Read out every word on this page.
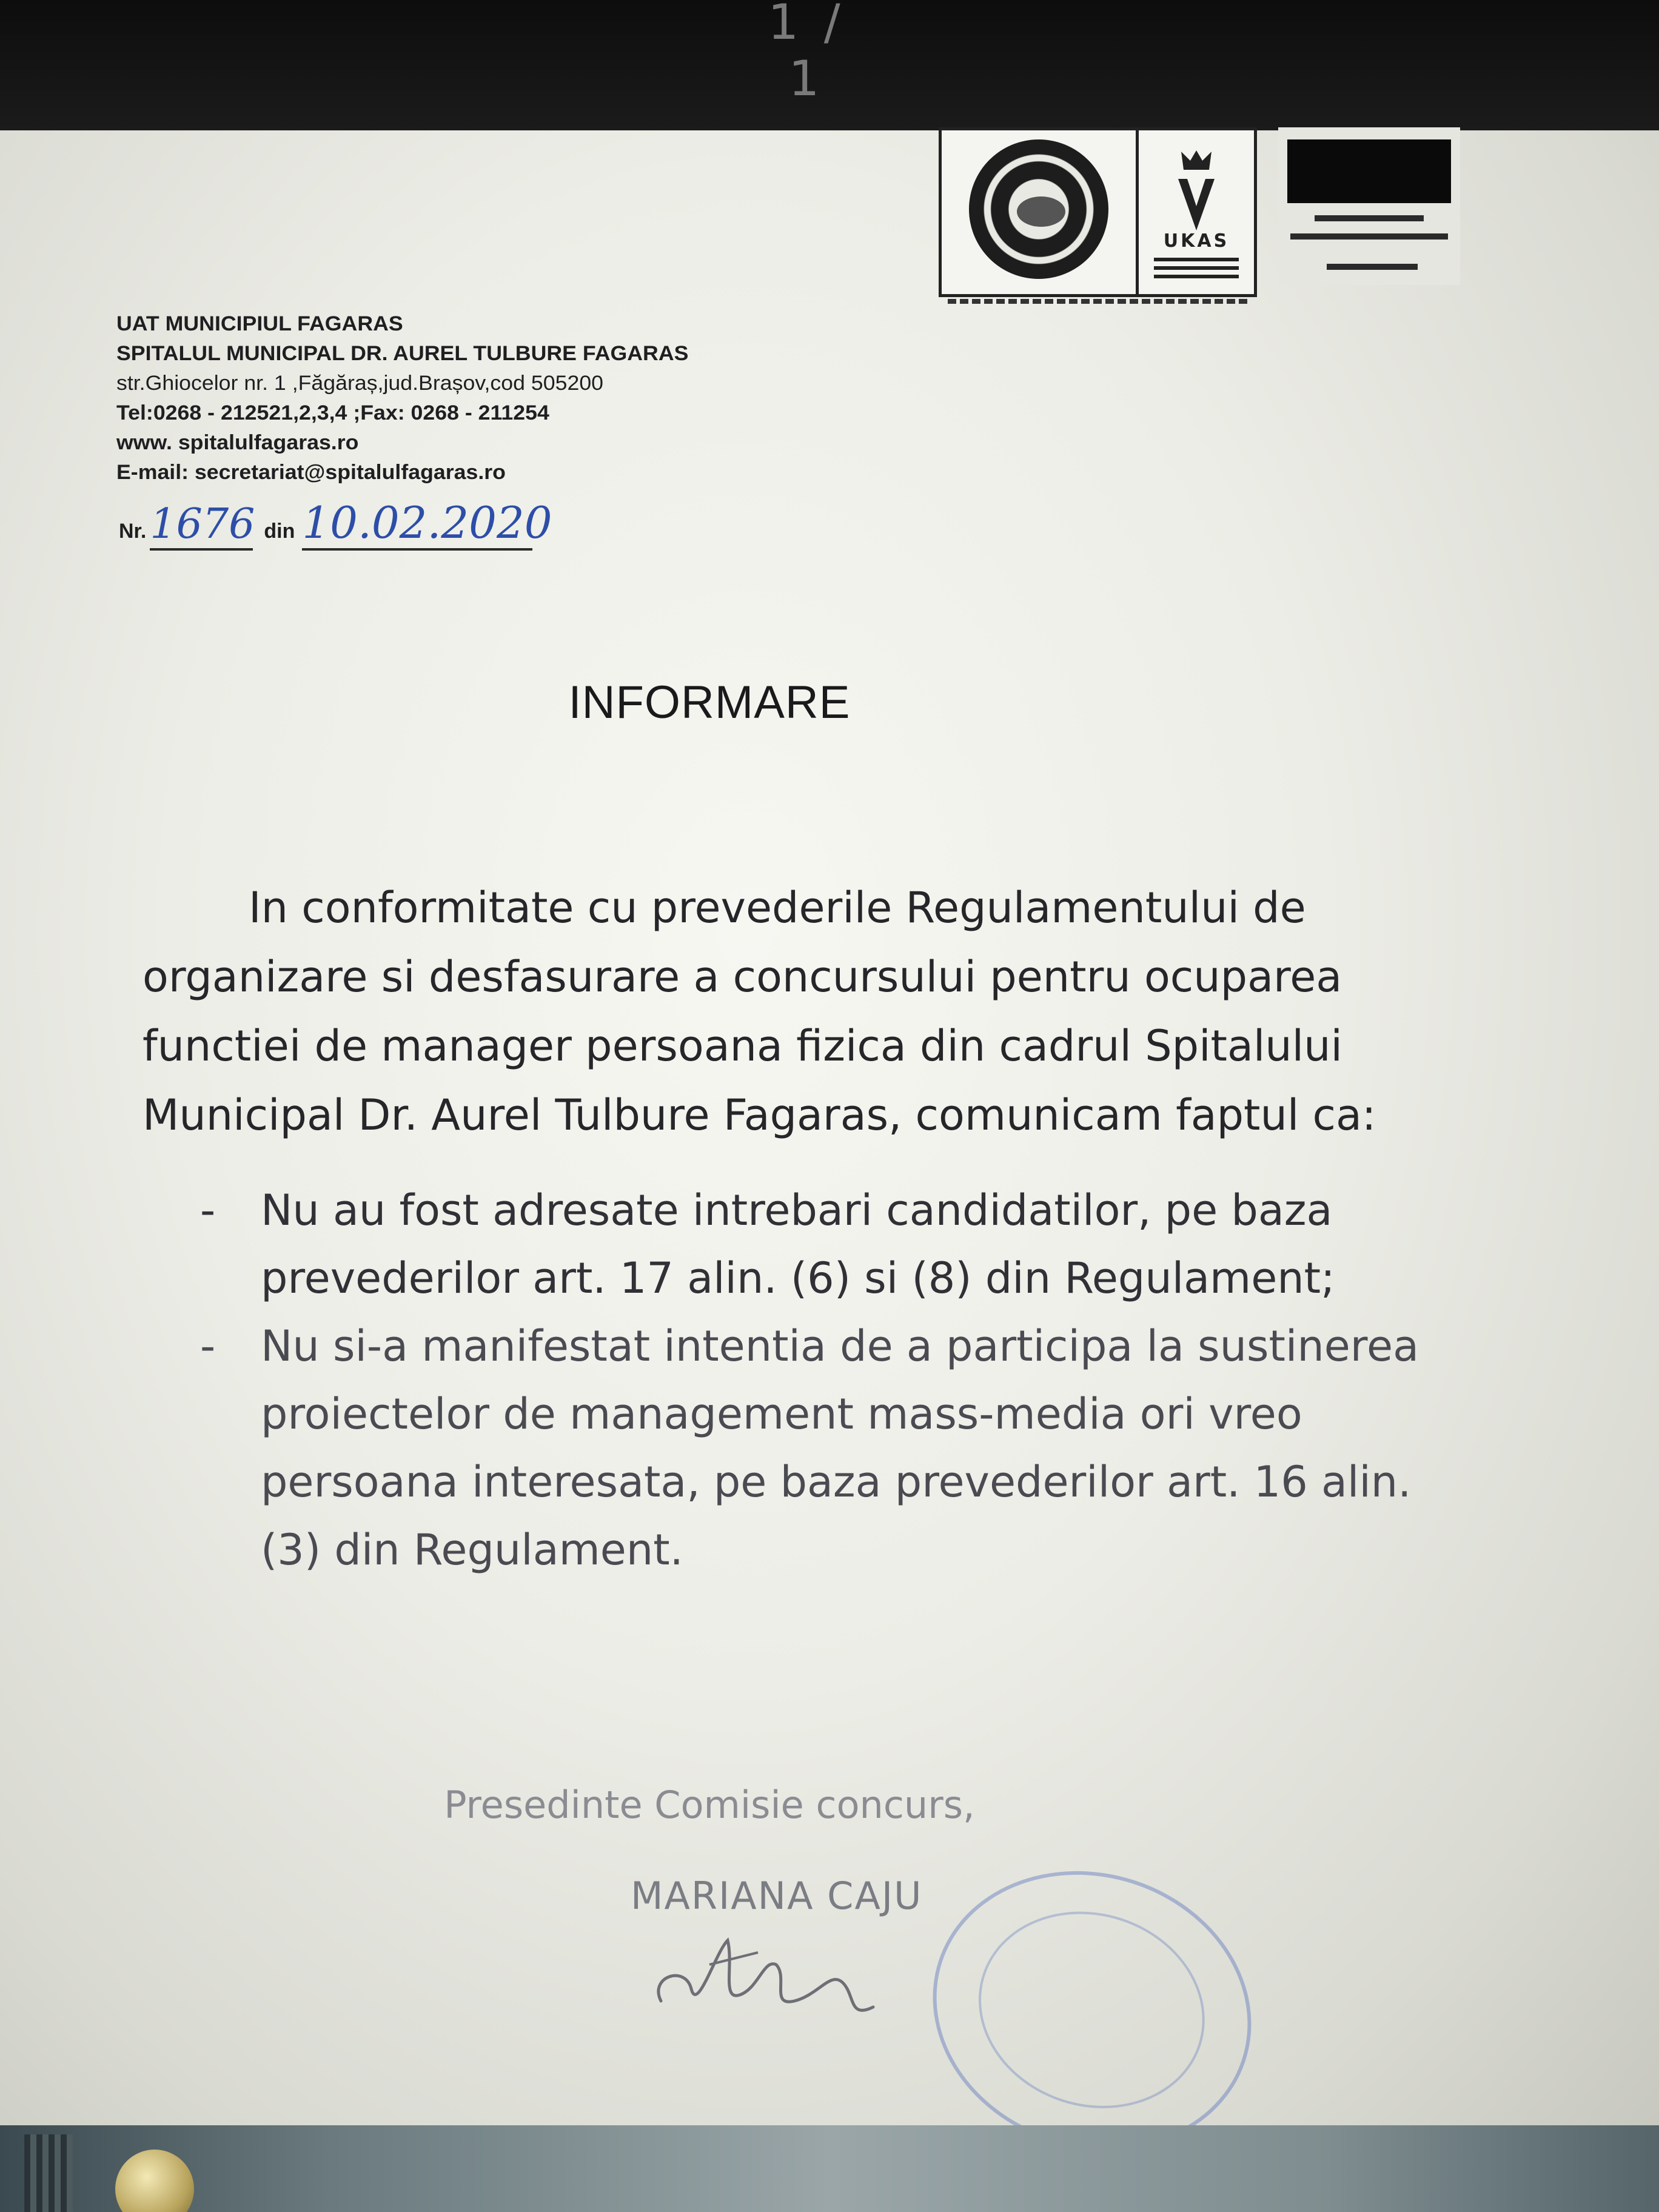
1 / 1
UKAS
UAT MUNICIPIUL FAGARAS
SPITALUL MUNICIPAL DR. AUREL TULBURE FAGARAS
str.Ghiocelor nr. 1 ,Făgăraș,jud.Brașov,cod 505200
Tel:0268 - 212521,2,3,4 ;Fax: 0268 - 211254
www. spitalulfagaras.ro
E-mail: secretariat@spitalulfagaras.ro
Nr.1676 din 10.02.2020
INFORMARE

In conformitate cu prevederile Regulamentului de organizare si desfasurare a concursului pentru ocuparea functiei de manager persoana fizica din cadrul Spitalului Municipal Dr. Aurel Tulbure Fagaras, comunicam faptul ca:

- Nu au fost adresate intrebari candidatilor, pe baza prevederilor art. 17 alin. (6) si (8) din Regulament;

- Nu si-a manifestat intentia de a participa la sustinerea proiectelor de management mass-media ori vreo persoana interesata, pe baza prevederilor art. 16 alin. (3) din Regulament.

Presedinte Comisie concurs,
MARIANA CAJU
